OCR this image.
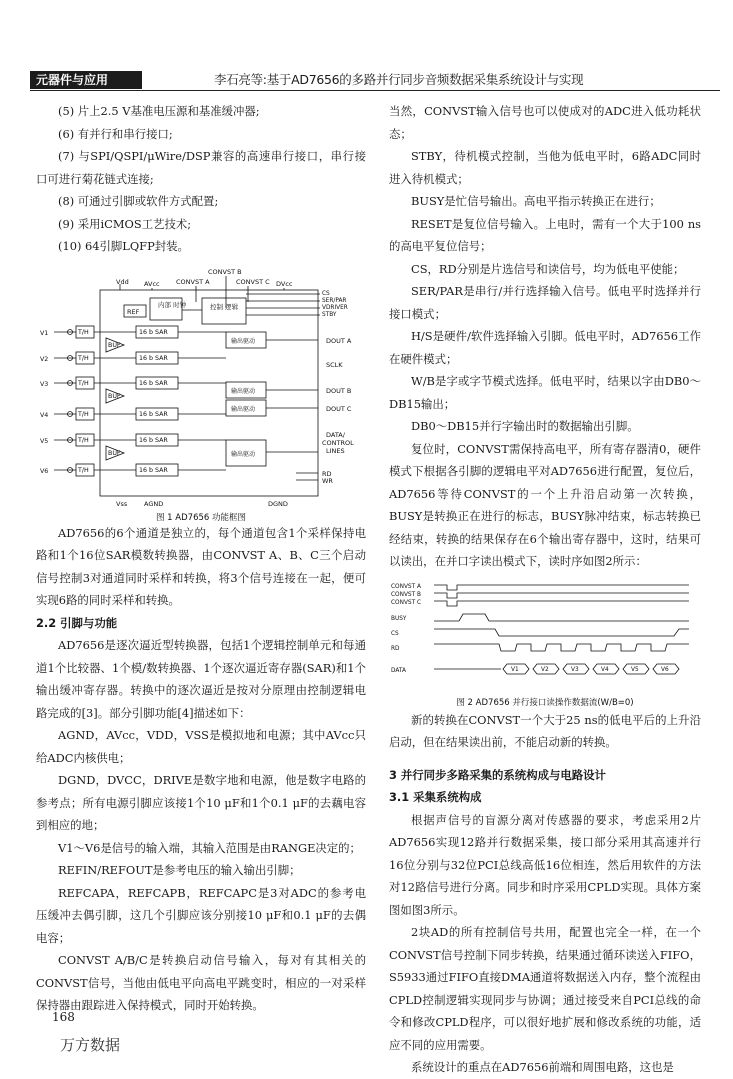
元器件与应用	李石亮等:基于AD7656的多路并行同步音频数据采集系统设计与实现

(5) 片上2.5 V基准电压源和基准缓冲器;

(6) 有并行和串行接口;

(7) 与SPI/QSPI/μWire/DSP兼容的高速串行接口，串行接口可进行菊花链式连接;

(8) 可通过引脚或软件方式配置;

(9) 采用iCMOS工艺技术;

(10) 64引脚LQFP封装。

CONVST B
CONVST A	CONVST C
Vdd AVcc	DVcc
REF
内部 时钟	控制 逻辑
CS
SER/PAR
VDRIVER
STBY
V1	T/H	16 b SAR
BUF
V2	T/H	16 b SAR
V3	T/H	16 b SAR
BUF
V4	T/H	16 b SAR
V5	T/H	16 b SAR
BUF
V6	T/H	16 b SAR
输出驱动
输出驱动
输出驱动
输出驱动
DOUT A
SCLK
DOUT B
DOUT C
DATA/
CONTROL
LINES
RD
WR
Vss	AGND	DGND
图 1 AD7656 功能框图

AD7656的6个通道是独立的，每个通道包含1个采样保持电路和1个16位SAR模数转换器，由CONVST A、B、C三个启动信号控制3对通道同时采样和转换，将3个信号连接在一起，便可实现6路的同时采样和转换。

2.2 引脚与功能

AD7656是逐次逼近型转换器，包括1个逻辑控制单元和每通道1个比较器、1个模/数转换器、1个逐次逼近寄存器(SAR)和1个输出缓冲寄存器。转换中的逐次逼近是按对分原理由控制逻辑电路完成的[3]。部分引脚功能[4]描述如下：

AGND，AVcc，VDD，VSS是模拟地和电源；其中AVcc只给ADC内核供电；

DGND，DVCC，DRIVE是数字地和电源，他是数字电路的参考点；所有电源引脚应该接1个10 μF和1个0.1 μF的去藕电容到相应的地；

V1～V6是信号的输入端，其输入范围是由RANGE决定的；

REFIN/REFOUT是参考电压的输入输出引脚；

REFCAPA，REFCAPB，REFCAPC是3对ADC的参考电压缓冲去偶引脚，这几个引脚应该分别接10 μF和0.1 μF的去偶电容；

CONVST A/B/C是转换启动信号输入，每对有其相关的CONVST信号，当他由低电平向高电平跳变时，相应的一对采样保持器由跟踪进入保持模式，同时开始转换。

当然，CONVST输入信号也可以使成对的ADC进入低功耗状态；

STBY，待机模式控制，当他为低电平时，6路ADC同时进入待机模式；

BUSY是忙信号输出。高电平指示转换正在进行；

RESET是复位信号输入。上电时，需有一个大于100 ns的高电平复位信号；

CS，RD分别是片选信号和读信号，均为低电平使能；

SER/PAR是串行/并行选择输入信号。低电平时选择并行接口模式；

H/S是硬件/软件选择输入引脚。低电平时，AD7656工作在硬件模式；

W/B是字或字节模式选择。低电平时，结果以字由DB0～DB15输出；

DB0～DB15并行字输出时的数据输出引脚。

复位时，CONVST需保持高电平，所有寄存器清0，硬件模式下根据各引脚的逻辑电平对AD7656进行配置，复位后，AD7656等待CONVST的一个上升沿启动第一次转换，BUSY是转换正在进行的标志，BUSY脉冲结束，标志转换已经结束，转换的结果保存在6个输出寄存器中，这时，结果可以读出，在并口字读出模式下，读时序如图2所示：

CONVST A
CONVST B
CONVST C
BUSY
CS
RD
DATA	V1	V2	V3	V4	V5	V6
图 2 AD7656 并行接口读操作数据流(W/B=0)

新的转换在CONVST一个大于25 ns的低电平后的上升沿启动，但在结果读出前，不能启动新的转换。

3 并行同步多路采集的系统构成与电路设计

3.1 采集系统构成

根据声信号的盲源分离对传感器的要求，考虑采用2片AD7656实现12路并行数据采集，接口部分采用其高速并行16位分别与32位PCI总线高低16位相连，然后用软件的方法对12路信号进行分离。同步和时序采用CPLD实现。具体方案图如图3所示。

2块AD的所有控制信号共用，配置也完全一样，在一个CONVST信号控制下同步转换，结果通过循环读送入FIFO，S5933通过FIFO直接DMA通道将数据送入内存，整个流程由CPLD控制逻辑实现同步与协调；通过接受来自PCI总线的命令和修改CPLD程序，可以很好地扩展和修改系统的功能，适应不同的应用需要。

系统设计的重点在AD7656前端和周围电路，这也是

168
万方数据
